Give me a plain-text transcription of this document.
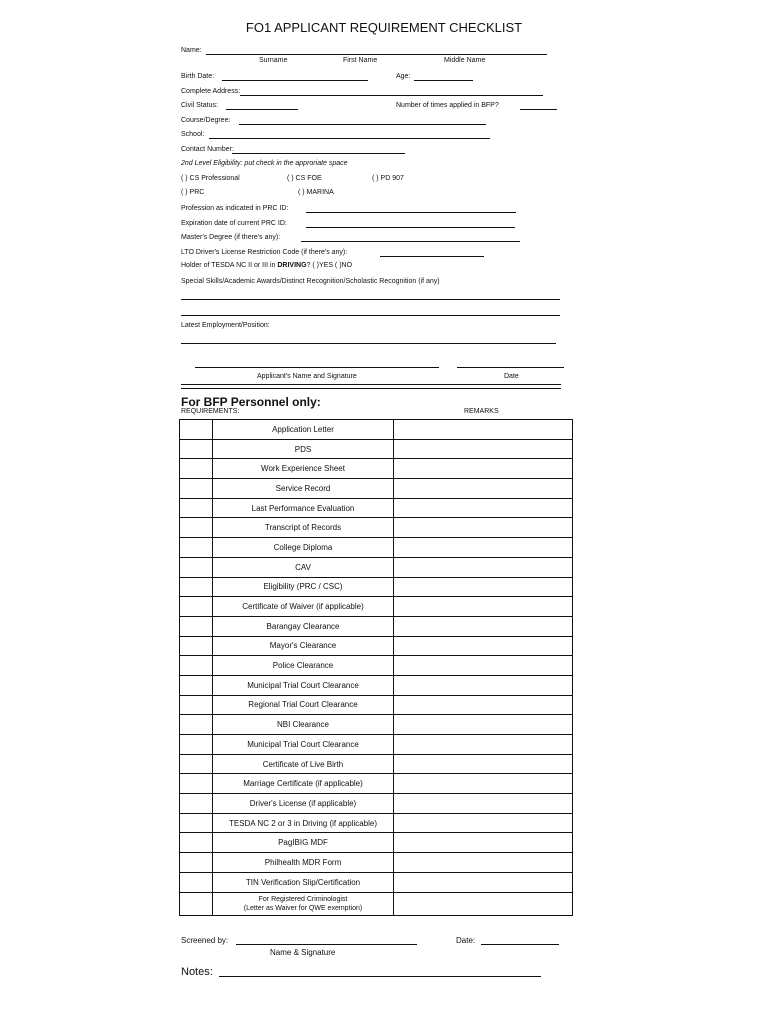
FO1 APPLICANT REQUIREMENT CHECKLIST
Name:
Surname	First Name	Middle Name
Birth Date:	Age:
Complete Address:
Civil Status:	Number of times applied in BFP?
Course/Degree:
School:
Contact Number:
2nd Level Eligibility: put check in the approriate space
( ) CS Professional	( ) CS FOE	( ) PD 907
( ) PRC	( ) MARINA
Profession as indicated in PRC ID:
Expiration date of current PRC ID:
Master's Degree (if there's any):
LTO Driver's License Restriction Code (if there's any):
Holder of TESDA NC II or III in DRIVING? ( )YES ( )NO
Special Skills/Academic Awards/Distinct Recognition/Scholastic Recognition (if any)
Latest Employment/Position:
Applicant's Name and Signature	Date
For BFP Personnel only:
REQUIREMENTS:	REMARKS
	Application Letter	
	PDS	
	Work Experience Sheet	
	Service Record	
	Last Performance Evaluation	
	Transcript of Records	
	College Diploma	
	CAV	
	Eligibility (PRC / CSC)	
	Certificate of Waiver (if applicable)	
	Barangay Clearance	
	Mayor's Clearance	
	Police Clearance	
	Municipal Trial Court Clearance	
	Regional Trial Court Clearance	
	NBI Clearance	
	Municipal Trial Court Clearance	
	Certificate of Live Birth	
	Marriage Certificate (if applicable)	
	Driver's License (if applicable)	
	TESDA NC 2 or 3 in Driving (if applicable)	
	PagIBIG MDF	
	Philhealth MDR Form	
	TIN Verification Slip/Certification	

	For Registered Criminologist
(Letter as Waiver for QWE exemption)	

Screened by:	Date:
Name & Signature
Notes:
